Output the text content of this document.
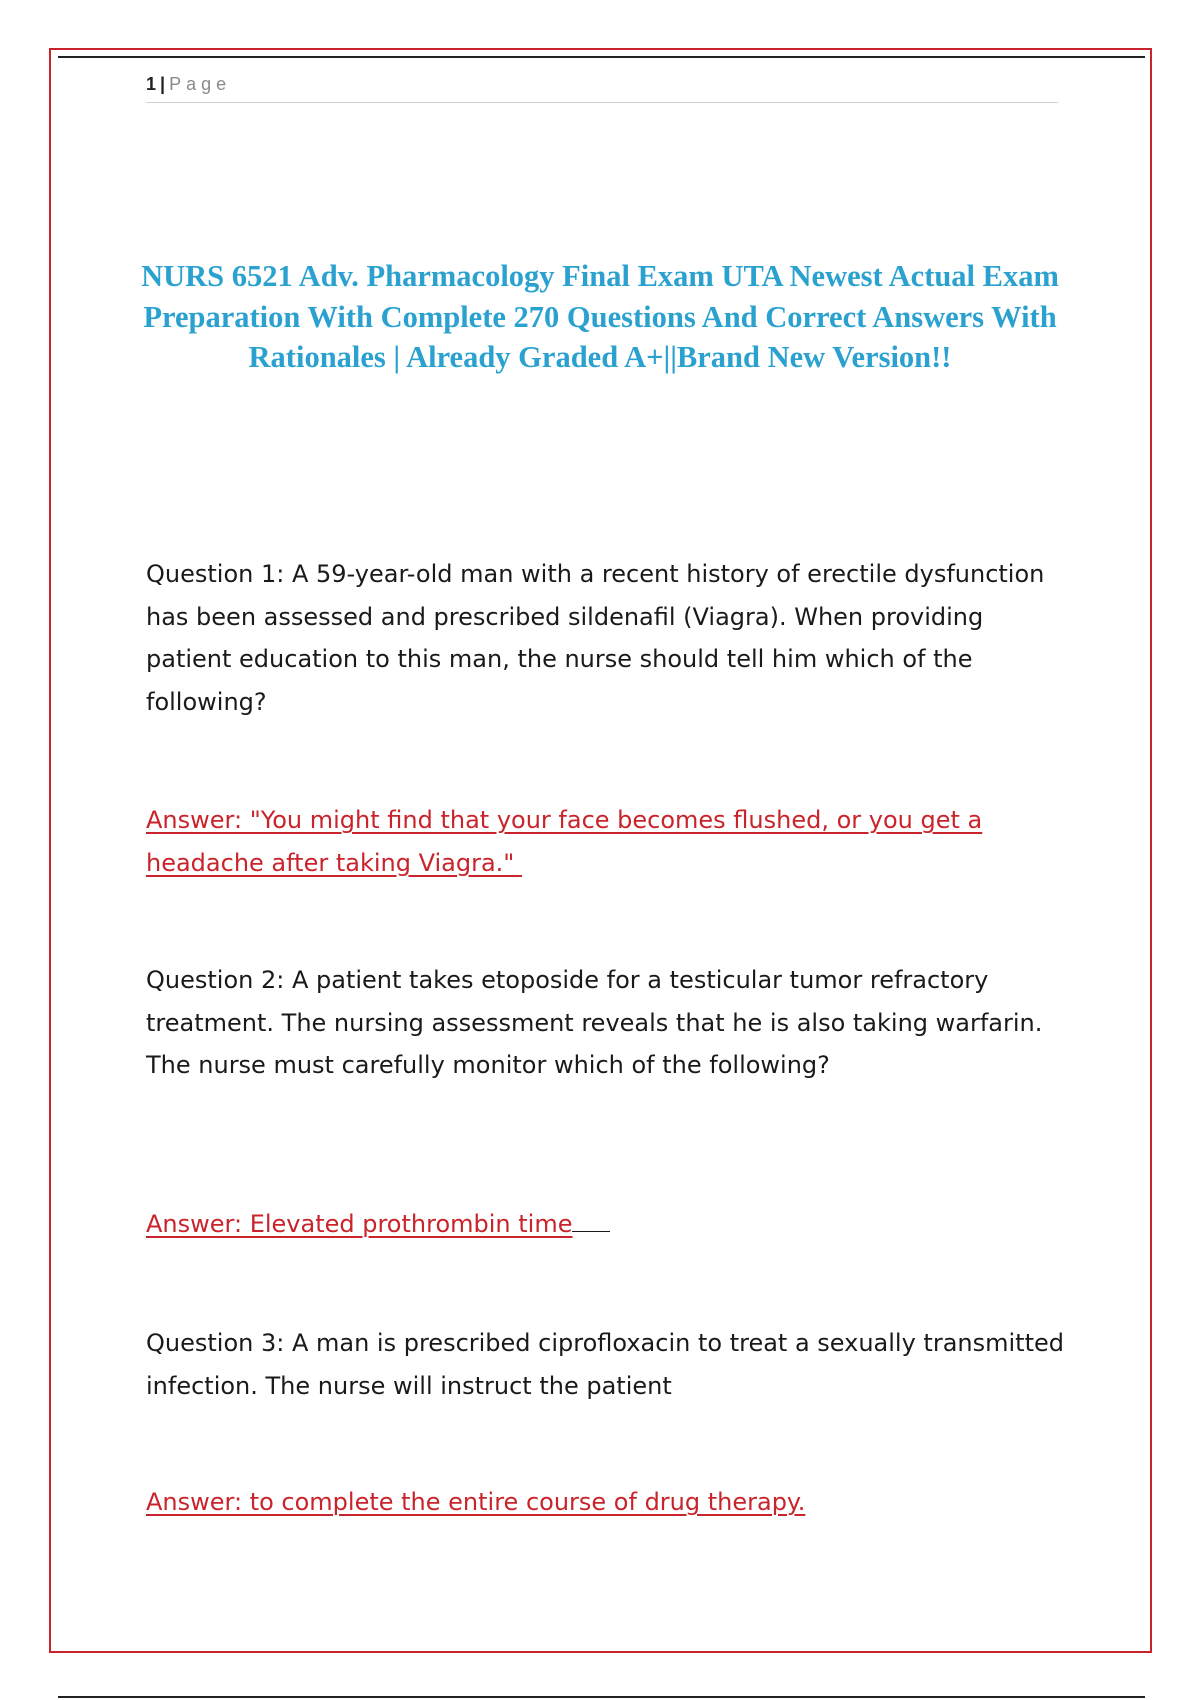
1 | Page
NURS 6521 Adv. Pharmacology Final Exam UTA Newest Actual Exam Preparation With Complete 270 Questions And Correct Answers With Rationales | Already Graded A+||Brand New Version!!

Question 1: A 59-year-old man with a recent history of erectile dysfunction has been assessed and prescribed sildenafil (Viagra). When providing patient education to this man, the nurse should tell him which of the following?

Answer: "You might find that your face becomes flushed, or you get a headache after taking Viagra."

Question 2: A patient takes etoposide for a testicular tumor refractory treatment. The nursing assessment reveals that he is also taking warfarin. The nurse must carefully monitor which of the following?

Answer: Elevated prothrombin time

Question 3: A man is prescribed ciprofloxacin to treat a sexually transmitted infection. The nurse will instruct the patient

Answer: to complete the entire course of drug therapy.
